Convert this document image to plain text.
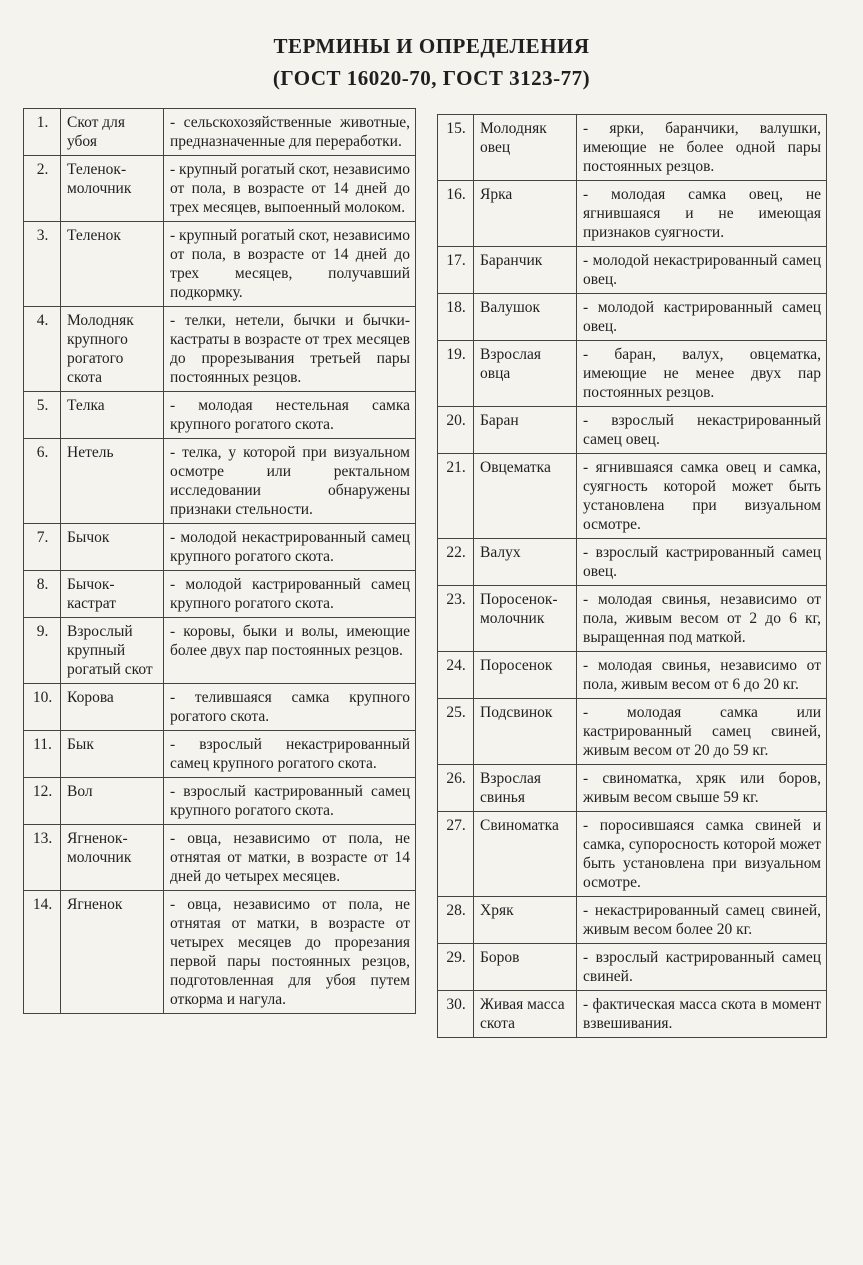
ТЕРМИНЫ И ОПРЕДЕЛЕНИЯ
(ГОСТ 16020-70, ГОСТ 3123-77)
1.	Скот для убоя	- сельскохозяйственные животные, предназначенные для переработки.
2.	Теленок-молочник	- крупный рогатый скот, независимо от пола, в возрасте от 14 дней до трех месяцев, выпоенный молоком.
3.	Теленок	- крупный рогатый скот, независимо от пола, в возрасте от 14 дней до трех месяцев, получавший подкормку.
4.	Молодняк крупного рогатого скота	- телки, нетели, бычки и бычки-кастраты в возрасте от трех месяцев до прорезывания третьей пары постоянных резцов.
5.	Телка	- молодая нестельная самка крупного рогатого скота.
6.	Нетель	- телка, у которой при визуальном осмотре или ректальном исследовании обнаружены признаки стельности.
7.	Бычок	- молодой некастрированный самец крупного рогатого скота.
8.	Бычок-кастрат	- молодой кастрированный самец крупного рогатого скота.
9.	Взрослый крупный рогатый скот	- коровы, быки и волы, имеющие более двух пар постоянных резцов.
10.	Корова	- телившаяся самка крупного рогатого скота.
11.	Бык	- взрослый некастрированный самец крупного рогатого скота.
12.	Вол	- взрослый кастрированный самец крупного рогатого скота.
13.	Ягненок-молочник	- овца, независимо от пола, не отнятая от матки, в возрасте от 14 дней до четырех месяцев.
14.	Ягненок	- овца, независимо от пола, не отнятая от матки, в возрасте от четырех месяцев до прорезания первой пары постоянных резцов, подготовленная для убоя путем откорма и нагула.
15.	Молодняк овец	- ярки, баранчики, валушки, имеющие не более одной пары постоянных резцов.
16.	Ярка	- молодая самка овец, не ягнившаяся и не имеющая признаков суягности.
17.	Баранчик	- молодой некастрированный самец овец.
18.	Валушок	- молодой кастрированный самец овец.
19.	Взрослая овца	- баран, валух, овцематка, имеющие не менее двух пар постоянных резцов.
20.	Баран	- взрослый некастрированный самец овец.
21.	Овцематка	- ягнившаяся самка овец и самка, суягность которой может быть установлена при визуальном осмотре.
22.	Валух	- взрослый кастрированный самец овец.
23.	Поросенок-молочник	- молодая свинья, независимо от пола, живым весом от 2 до 6 кг, выращенная под маткой.
24.	Поросенок	- молодая свинья, независимо от пола, живым весом от 6 до 20 кг.
25.	Подсвинок	- молодая самка или кастрированный самец свиней, живым весом от 20 до 59 кг.
26.	Взрослая свинья	- свиноматка, хряк или боров, живым весом свыше 59 кг.
27.	Свиноматка	- поросившаяся самка свиней и самка, супоросность которой может быть установлена при визуальном осмотре.
28.	Хряк	- некастрированный самец свиней, живым весом более 20 кг.
29.	Боров	- взрослый кастрированный самец свиней.
30.	Живая масса скота	- фактическая масса скота в момент взвешивания.
